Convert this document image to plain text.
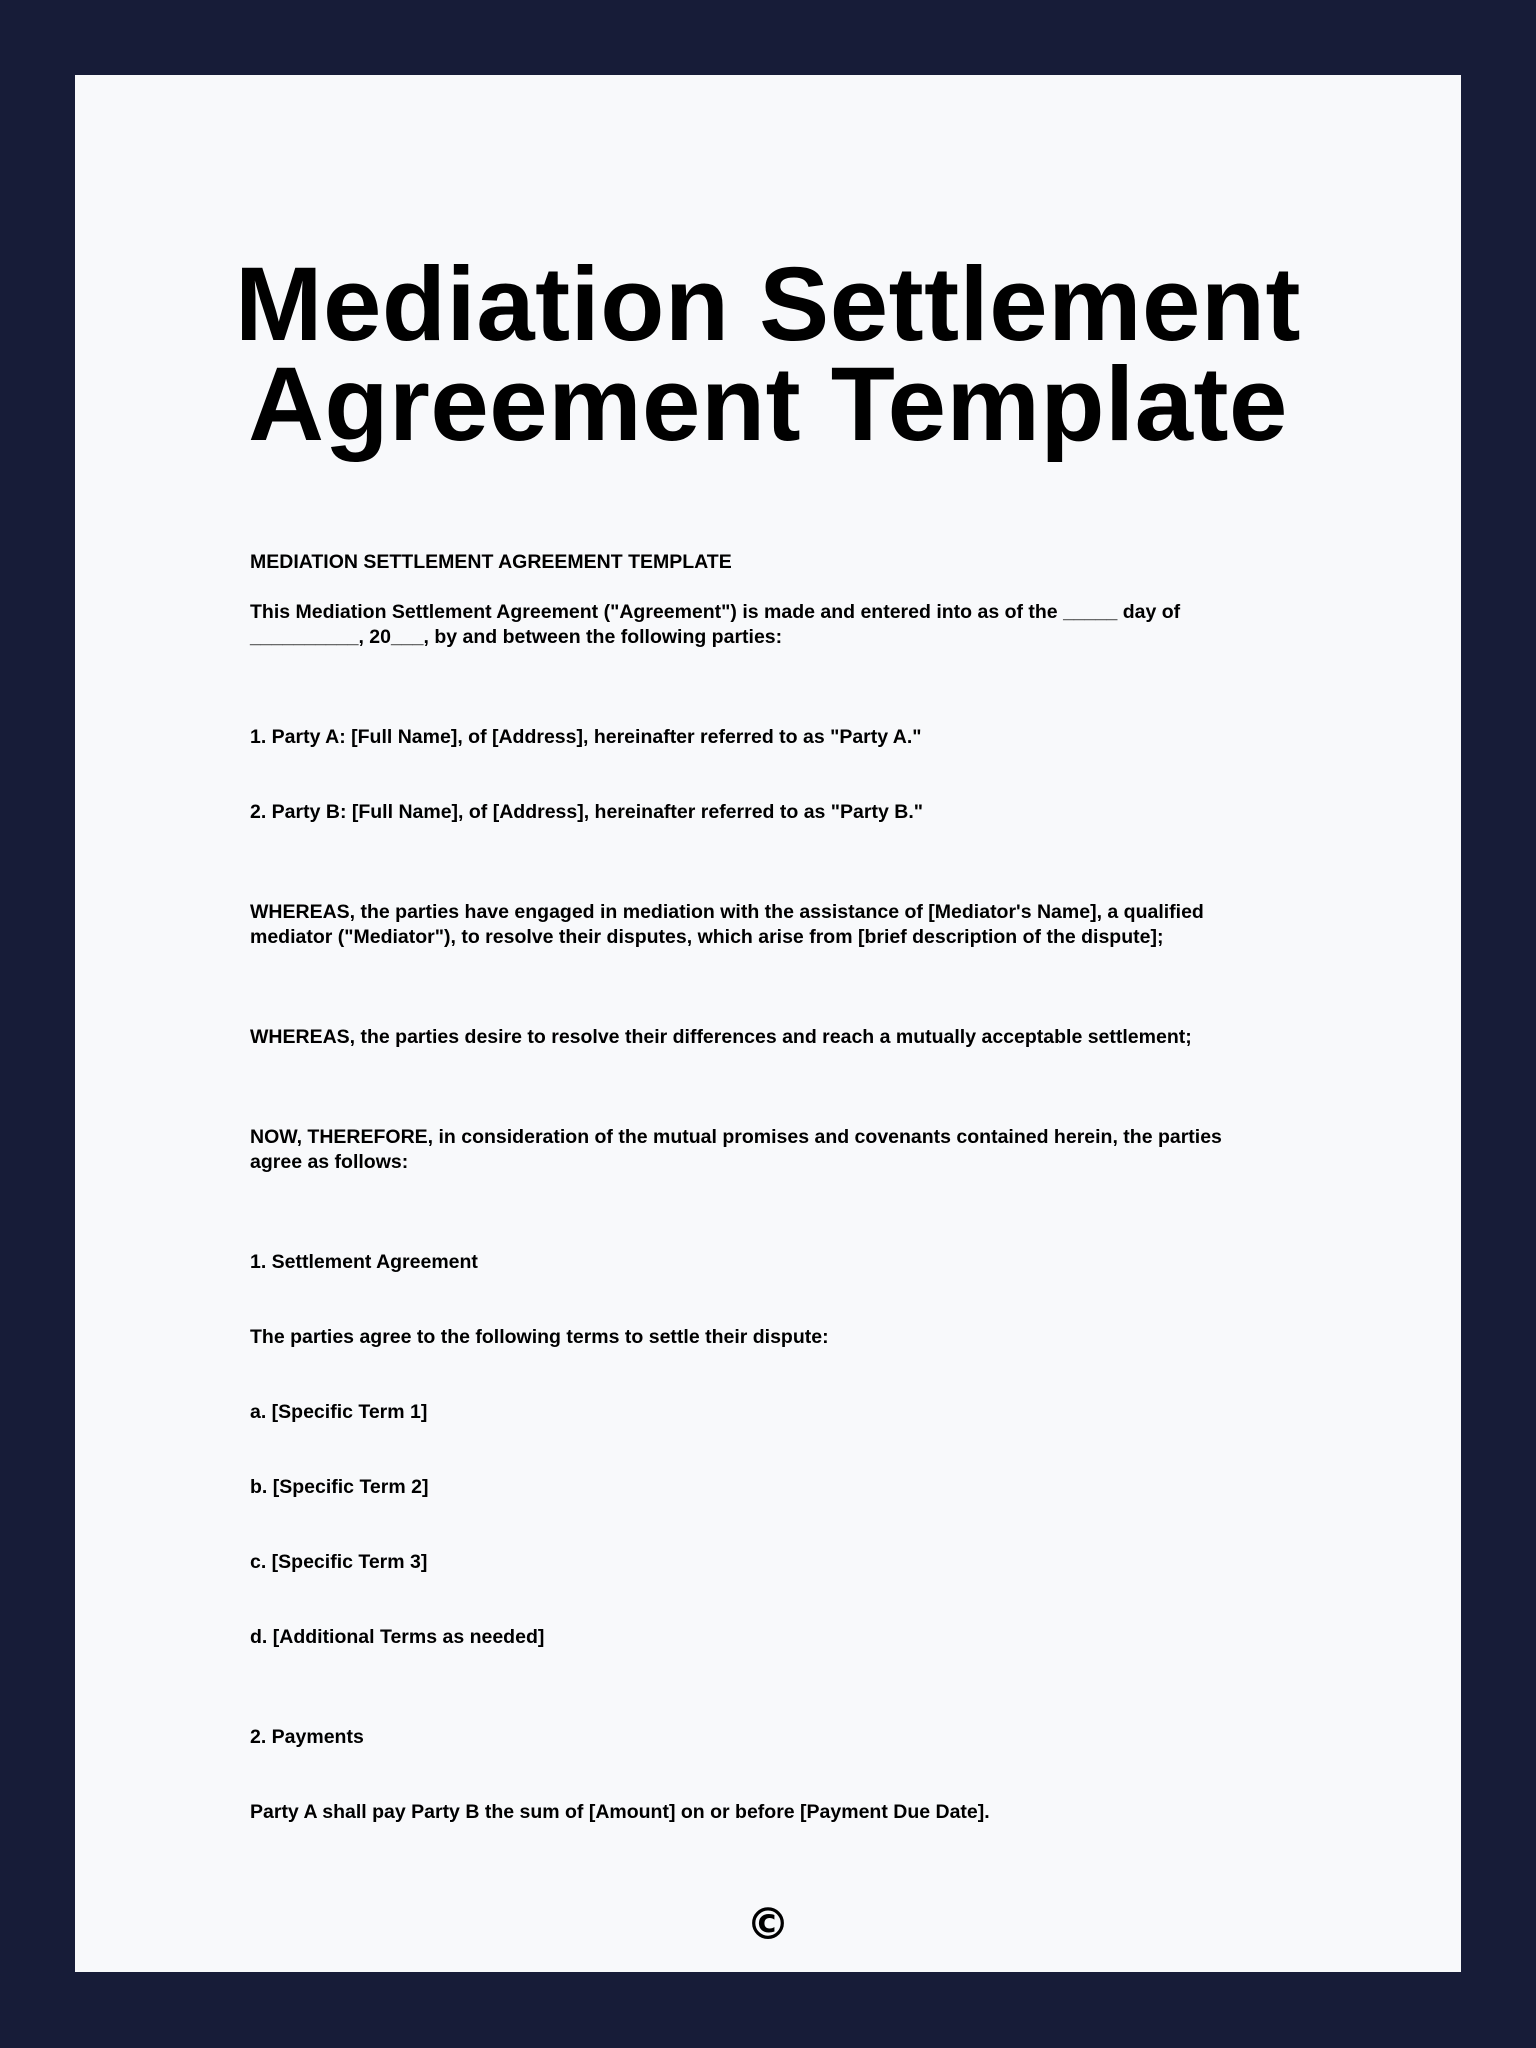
Mediation Settlement
Agreement Template

MEDIATION SETTLEMENT AGREEMENT TEMPLATE

This Mediation Settlement Agreement ("Agreement") is made and entered into as of the _____ day of
__________, 20___, by and between the following parties:

1. Party A: [Full Name], of [Address], hereinafter referred to as "Party A."

2. Party B: [Full Name], of [Address], hereinafter referred to as "Party B."

WHEREAS, the parties have engaged in mediation with the assistance of [Mediator's Name], a qualified
mediator ("Mediator"), to resolve their disputes, which arise from [brief description of the dispute];

WHEREAS, the parties desire to resolve their differences and reach a mutually acceptable settlement;

NOW, THEREFORE, in consideration of the mutual promises and covenants contained herein, the parties
agree as follows:

1. Settlement Agreement

The parties agree to the following terms to settle their dispute:

a. [Specific Term 1]

b. [Specific Term 2]

c. [Specific Term 3]

d. [Additional Terms as needed]

2. Payments

Party A shall pay Party B the sum of [Amount] on or before [Payment Due Date].

©
